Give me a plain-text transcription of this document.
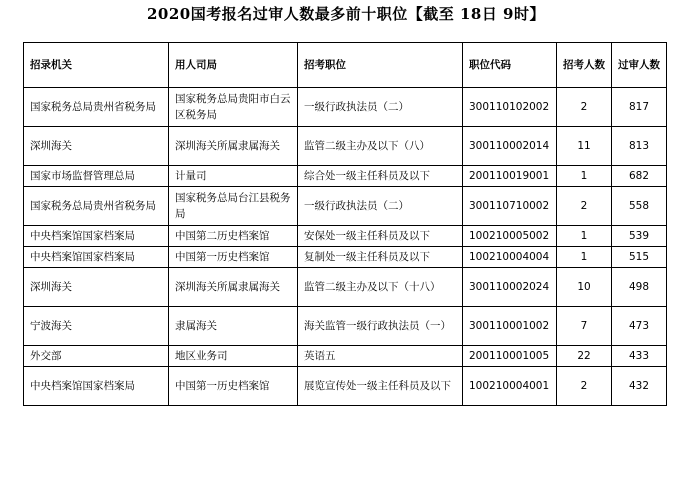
2020国考报名过审人数最多前十职位【截至 18日 9时】
招录机关	用人司局	招考职位	职位代码	招考人数	过审人数
国家税务总局贵州省税务局	国家税务总局贵阳市白云区税务局	一级行政执法员（二）	300110102002	2	817
深圳海关	深圳海关所属隶属海关	监管二级主办及以下（八）	300110002014	11	813
国家市场监督管理总局	计量司	综合处一级主任科员及以下	200110019001	1	682
国家税务总局贵州省税务局	国家税务总局台江县税务局	一级行政执法员（二）	300110710002	2	558
中央档案馆国家档案局	中国第二历史档案馆	安保处一级主任科员及以下	100210005002	1	539
中央档案馆国家档案局	中国第一历史档案馆	复制处一级主任科员及以下	100210004004	1	515
深圳海关	深圳海关所属隶属海关	监管二级主办及以下（十八）	300110002024	10	498
宁波海关	隶属海关	海关监管一级行政执法员（一）	300110001002	7	473
外交部	地区业务司	英语五	200110001005	22	433
中央档案馆国家档案局	中国第一历史档案馆	展览宣传处一级主任科员及以下	100210004001	2	432
